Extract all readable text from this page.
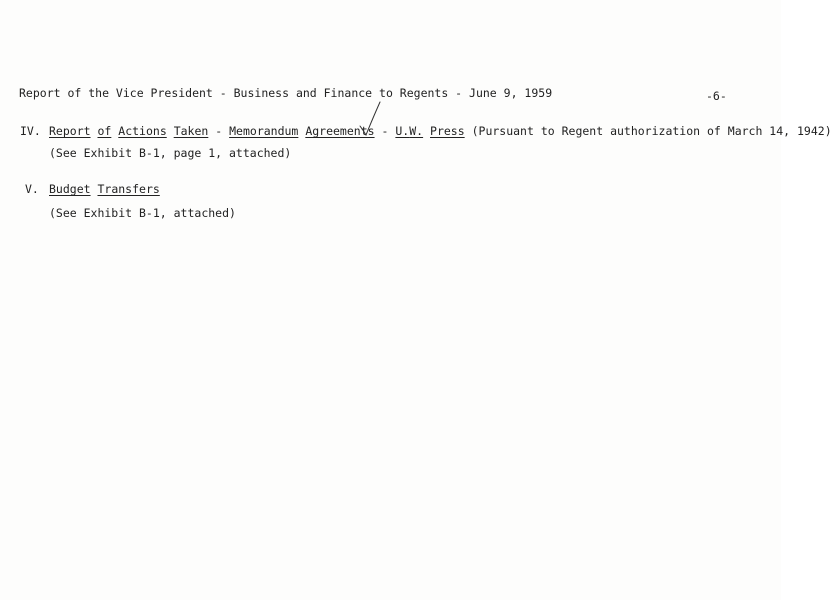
Report of the Vice President - Business and Finance to Regents - June 9, 1959	-6-
IV. Report of Actions Taken - Memorandum Agreements - U.W. Press (Pursuant to Regent authorization of March 14, 1942)
(See Exhibit B-1, page 1, attached)
V. Budget Transfers
(See Exhibit B-1, attached)
